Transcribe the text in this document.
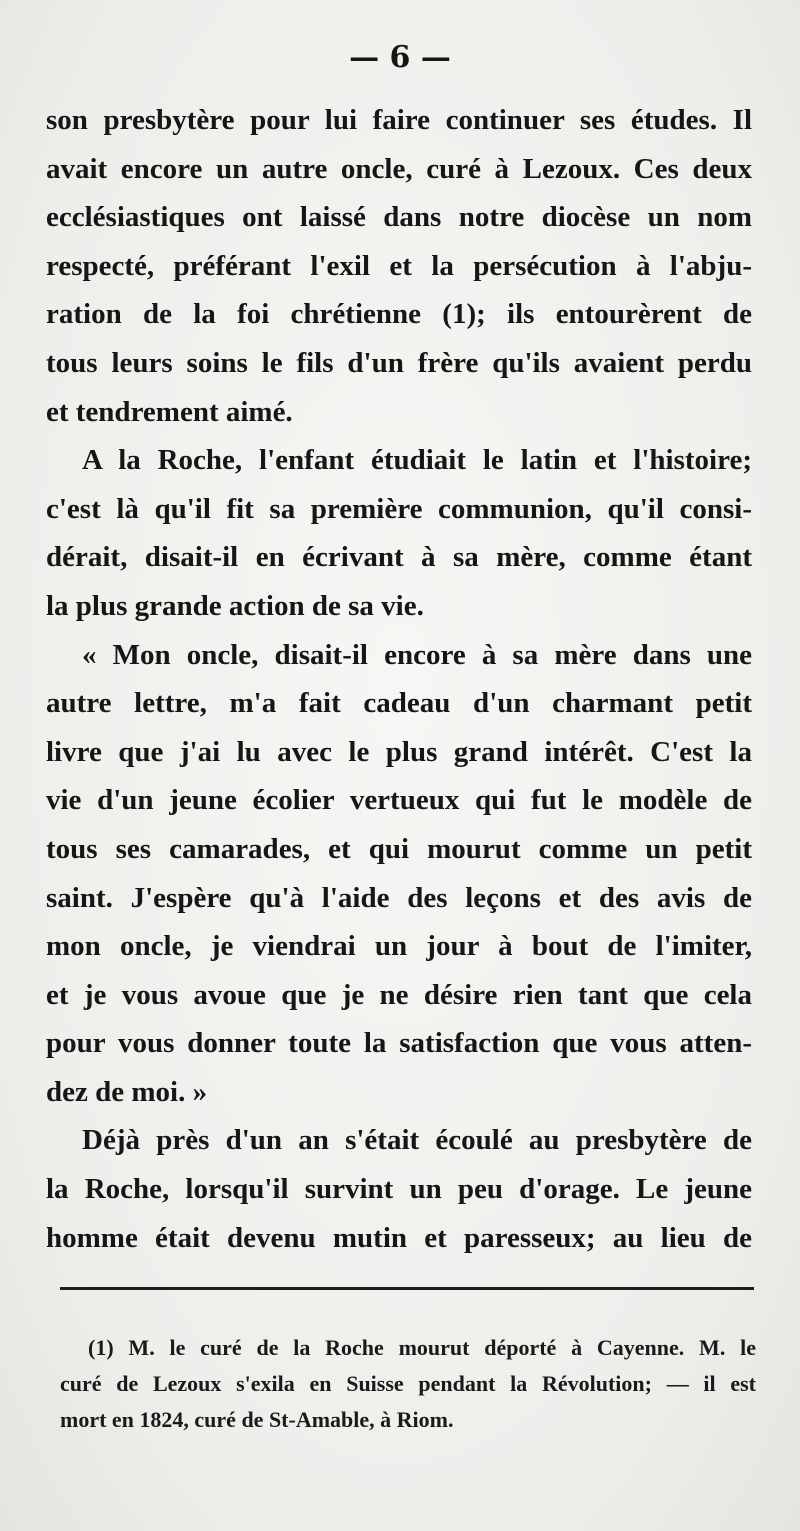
— 6 —
son presbytère pour lui faire continuer ses études. Il
avait encore un autre oncle, curé à Lezoux. Ces deux
ecclésiastiques ont laissé dans notre diocèse un nom
respecté, préférant l'exil et la persécution à l'abju-
ration de la foi chrétienne (1); ils entourèrent de
tous leurs soins le fils d'un frère qu'ils avaient perdu
et tendrement aimé.
A la Roche, l'enfant étudiait le latin et l'histoire;
c'est là qu'il fit sa première communion, qu'il consi-
dérait, disait-il en écrivant à sa mère, comme étant
la plus grande action de sa vie.
« Mon oncle, disait-il encore à sa mère dans une
autre lettre, m'a fait cadeau d'un charmant petit
livre que j'ai lu avec le plus grand intérêt. C'est la
vie d'un jeune écolier vertueux qui fut le modèle de
tous ses camarades, et qui mourut comme un petit
saint. J'espère qu'à l'aide des leçons et des avis de
mon oncle, je viendrai un jour à bout de l'imiter,
et je vous avoue que je ne désire rien tant que cela
pour vous donner toute la satisfaction que vous atten-
dez de moi. »
Déjà près d'un an s'était écoulé au presbytère de
la Roche, lorsqu'il survint un peu d'orage. Le jeune
homme était devenu mutin et paresseux; au lieu de
(1) M. le curé de la Roche mourut déporté à Cayenne. M. le
curé de Lezoux s'exila en Suisse pendant la Révolution; — il est
mort en 1824, curé de St-Amable, à Riom.
